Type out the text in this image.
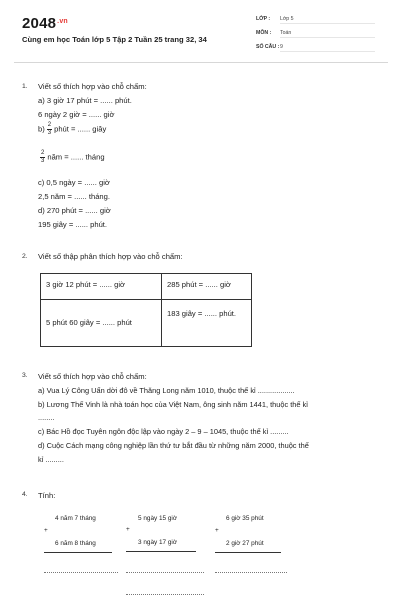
$2048^{.vn}$
Cùng em học Toán lớp 5 Tập 2 Tuần 25 trang 32, 34
LỚP : Lớp 5
MÔN : Toán
SỐ CÂU :9
1. Viết số thích hợp vào chỗ chấm:
a) 3 giờ 17 phút = ...... phút.
6 ngày 2 giờ = ...... giờ
$b) \frac{2}{3}$ phút = ...... giây
$\frac{2}{3}$ năm = ...... tháng
c) 0,5 ngày = ...... giờ
2,5 năm = ...... tháng.
d) 270 phút = ...... giờ
195 giây = ...... phút.
2. Viết số thập phân thích hợp vào chỗ chấm:
3 giờ 12 phút = ...... giờ	285 phút = ...... giờ
5 phút 60 giây = ...... phút
183 giây = ...... phút.
3. Viết số thích hợp vào chỗ chấm:
a) Vua Lý Công Uẩn dời đô về Thăng Long năm 1010, thuộc thế kỉ ..................
b) Lương Thế Vinh là nhà toán học của Việt Nam, ông sinh năm 1441, thuộc thế kỉ
........
c) Bác Hồ đọc Tuyên ngôn độc lập vào ngày 2 – 9 – 1045, thuộc thế kỉ .........
d) Cuộc Cách mạng công nghiệp lần thứ tư bắt đầu từ những năm 2000, thuộc thế
kỉ .........
4. Tính:
4 năm 7 tháng
+
6 năm 8 tháng
5 ngày 15 giờ
+
3 ngày 17 giờ
6 giờ 35 phút
+
2 giờ 27 phút
